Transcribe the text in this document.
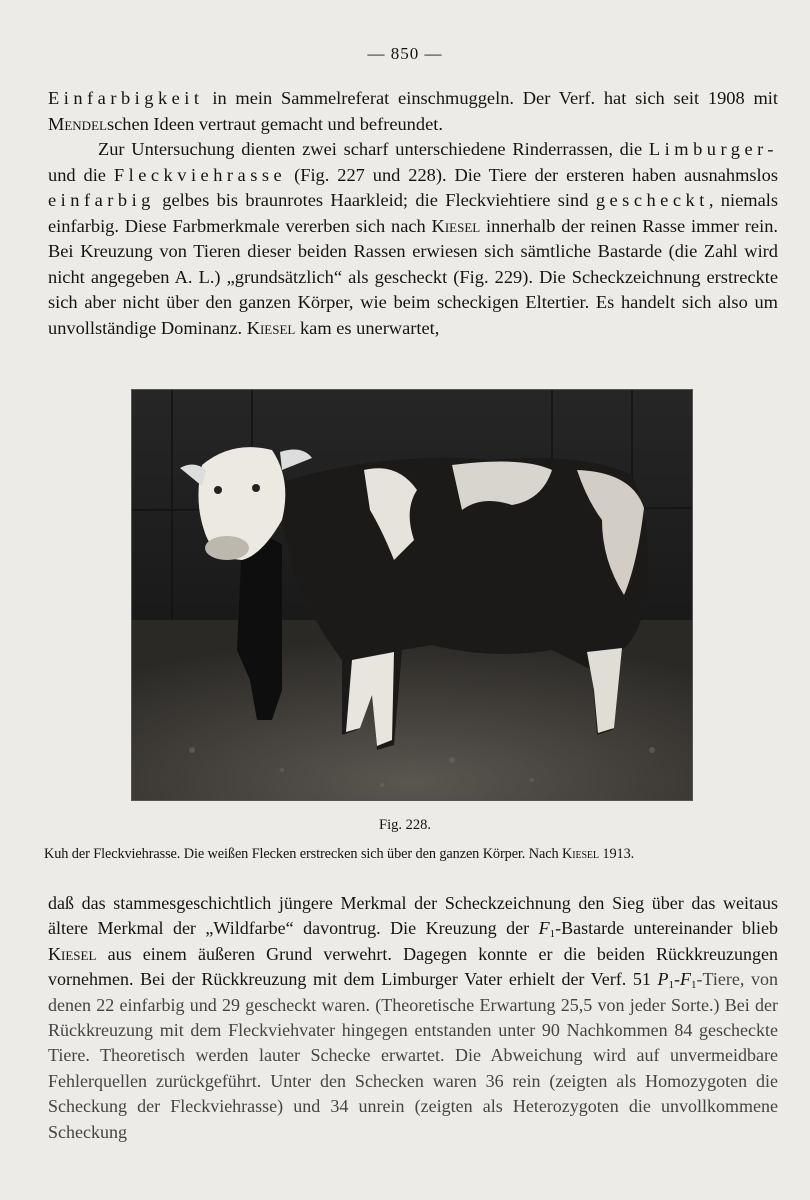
— 850 —

Einfarbigkeit in mein Sammelreferat einschmuggeln. Der Verf. hat sich seit 1908 mit Mendelschen Ideen vertraut gemacht und befreundet.

Zur Untersuchung dienten zwei scharf unterschiedene Rinderrassen, die Limburger- und die Fleckviehrasse (Fig. 227 und 228). Die Tiere der ersteren haben ausnahmslos einfarbig gelbes bis braunrotes Haarkleid; die Fleckviehtiere sind gescheckt, niemals einfarbig. Diese Farbmerkmale vererben sich nach Kiesel innerhalb der reinen Rasse immer rein. Bei Kreuzung von Tieren dieser beiden Rassen erwiesen sich sämtliche Bastarde (die Zahl wird nicht angegeben A. L.) „grundsätzlich“ als gescheckt (Fig. 229). Die Scheckzeichnung erstreckte sich aber nicht über den ganzen Körper, wie beim scheckigen Eltertier. Es handelt sich also um unvollständige Dominanz. Kiesel kam es unerwartet,

Fig. 228.
Kuh der Fleckviehrasse. Die weißen Flecken erstrecken sich über den ganzen Körper. Nach Kiesel 1913.

daß das stammesgeschichtlich jüngere Merkmal der Scheckzeichnung den Sieg über das weitaus ältere Merkmal der „Wildfarbe“ davontrug. Die Kreuzung der $F_1$-Bastarde untereinander blieb Kiesel aus einem äußeren Grund verwehrt. Dagegen konnte er die beiden Rückkreuzungen vornehmen. Bei der Rückkreuzung mit dem Limburger Vater erhielt der Verf. 51 $P_1-F_1$-Tiere, von denen 22 einfarbig und 29 gescheckt waren. (Theoretische Erwartung 25,5 von jeder Sorte.) Bei der Rückkreuzung mit dem Fleckviehvater hingegen entstanden unter 90 Nachkommen 84 gescheckte Tiere. Theoretisch werden lauter Schecke erwartet. Die Abweichung wird auf unvermeidbare Fehlerquellen zurückgeführt. Unter den Schecken waren 36 rein (zeigten als Homozygoten die Scheckung der Fleckviehrasse) und 34 unrein (zeigten als Heterozygoten die unvollkommene Scheckung
